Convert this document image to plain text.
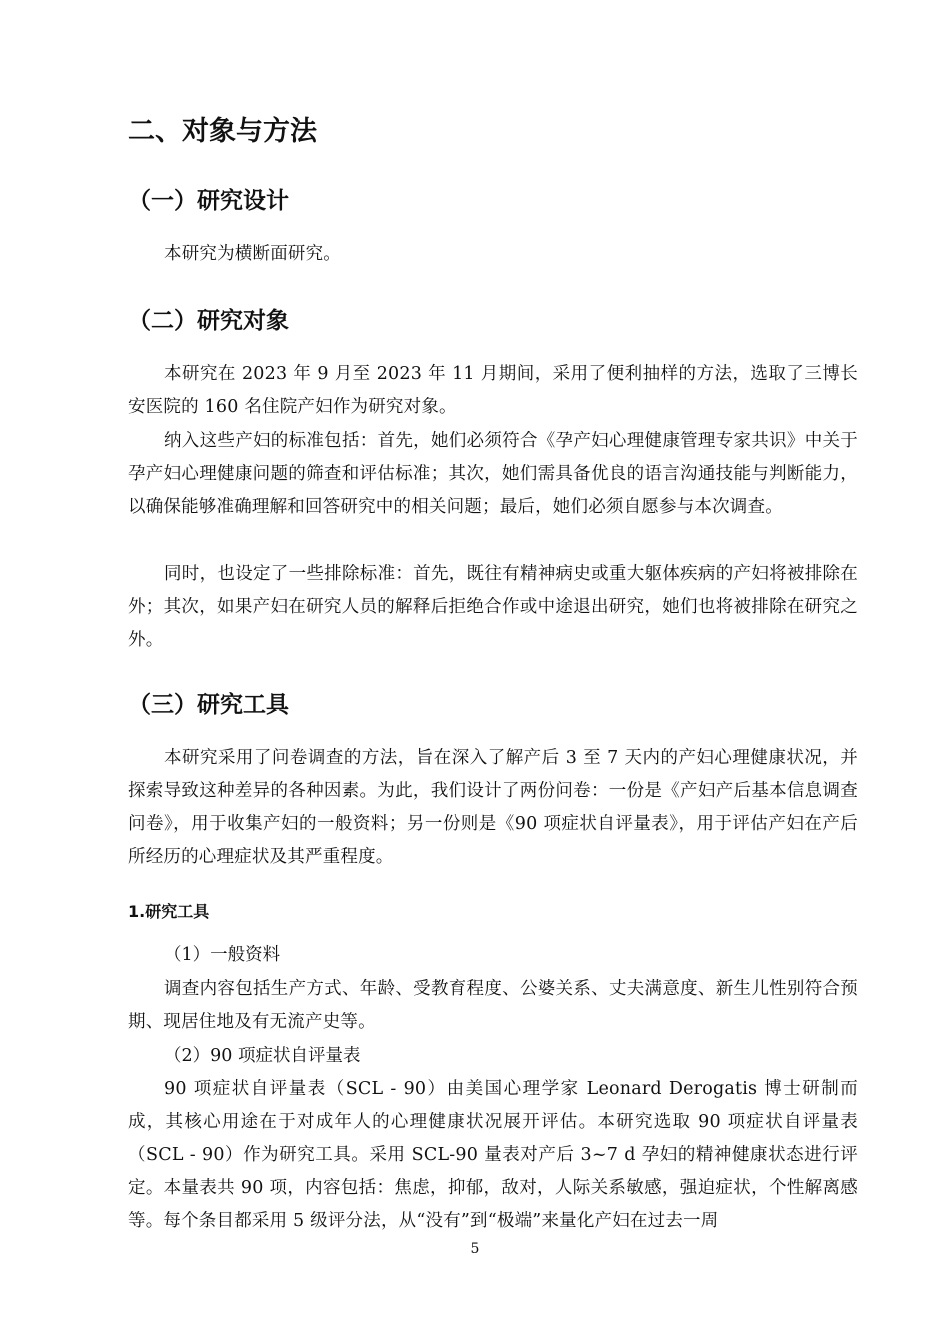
二、对象与方法
（一）研究设计

本研究为横断面研究。

（二）研究对象

本研究在 2023 年 9 月至 2023 年 11 月期间，采用了便利抽样的方法，选取了三博长安医院的 160 名住院产妇作为研究对象。

纳入这些产妇的标准包括：首先，她们必须符合《孕产妇心理健康管理专家共识》中关于孕产妇心理健康问题的筛查和评估标准；其次，她们需具备优良的语言沟通技能与判断能力，以确保能够准确理解和回答研究中的相关问题；最后，她们必须自愿参与本次调查。

同时，也设定了一些排除标准：首先，既往有精神病史或重大躯体疾病的产妇将被排除在外；其次，如果产妇在研究人员的解释后拒绝合作或中途退出研究，她们也将被排除在研究之外。

（三）研究工具

本研究采用了问卷调查的方法，旨在深入了解产后 3 至 7 天内的产妇心理健康状况，并探索导致这种差异的各种因素。为此，我们设计了两份问卷：一份是《产妇产后基本信息调查问卷》，用于收集产妇的一般资料；另一份则是《90 项症状自评量表》，用于评估产妇在产后所经历的心理症状及其严重程度。

1.研究工具

（1）一般资料

调查内容包括生产方式、年龄、受教育程度、公婆关系、丈夫满意度、新生儿性别符合预期、现居住地及有无流产史等。

（2）90 项症状自评量表

90 项症状自评量表（SCL - 90）由美国心理学家 Leonard Derogatis 博士研制而成，其核心用途在于对成年人的心理健康状况展开评估。本研究选取 90 项症状自评量表（SCL - 90）作为研究工具。采用 SCL-90 量表对产后 3~7 d 孕妇的精神健康状态进行评定。本量表共 90 项，内容包括：焦虑，抑郁，敌对，人际关系敏感，强迫症状，个性解离感等。每个条目都采用 5 级评分法，从“没有”到“极端”来量化产妇在过去一周

5
